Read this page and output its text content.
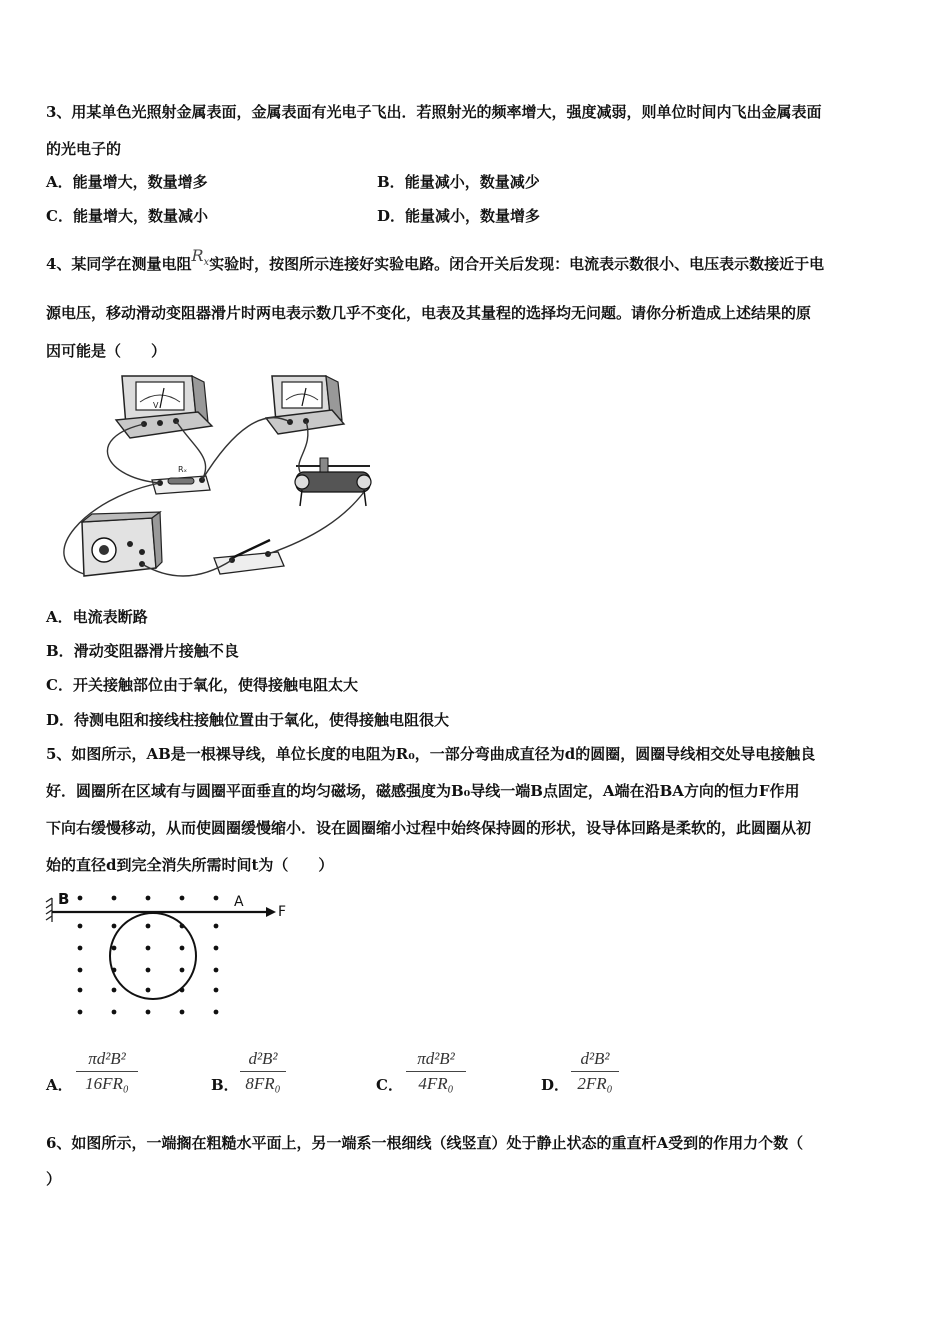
3、用某单色光照射金属表面，金属表面有光电子飞出．若照射光的频率增大，强度减弱，则单位时间内飞出金属表面
的光电子的
A．能量增大，数量增多	B．能量减小，数量减少
C．能量增大，数量减小	D．能量减小，数量增多
4、某同学在测量电阻$R_x$实验时，按图所示连接好实验电路。闭合开关后发现：电流表示数很小、电压表示数接近于电
源电压，移动滑动变阻器滑片时两电表示数几乎不变化，电表及其量程的选择均无问题。请你分析造成上述结果的原
因可能是（　　）
V
Rₓ
A．电流表断路
B．滑动变阻器滑片接触不良
C．开关接触部位由于氧化，使得接触电阻太大
D．待测电阻和接线柱接触位置由于氧化，使得接触电阻很大
5、如图所示，AB是一根裸导线，单位长度的电阻为R₀，一部分弯曲成直径为d的圆圈，圆圈导线相交处导电接触良
好．圆圈所在区域有与圆圈平面垂直的均匀磁场，磁感强度为B₀导线一端B点固定，A端在沿BA方向的恒力F作用
下向右缓慢移动，从而使圆圈缓慢缩小．设在圆圈缩小过程中始终保持圆的形状，设导体回路是柔软的，此圆圈从初
始的直径d到完全消失所需时间t为（　　）
B	A
F
A． $\frac{\text{πd²B²}}{\text{16FR₀}}$	B． $\frac{\text{d²B²}}{\text{8FR₀}}$	C． $\frac{\text{πd²B²}}{\text{4FR₀}}$	D． $\frac{\text{d²B²}}{\text{2FR₀}}$
6、如图所示，一端搁在粗糙水平面上，另一端系一根细线（线竖直）处于静止状态的重直杆A受到的作用力个数（
）
